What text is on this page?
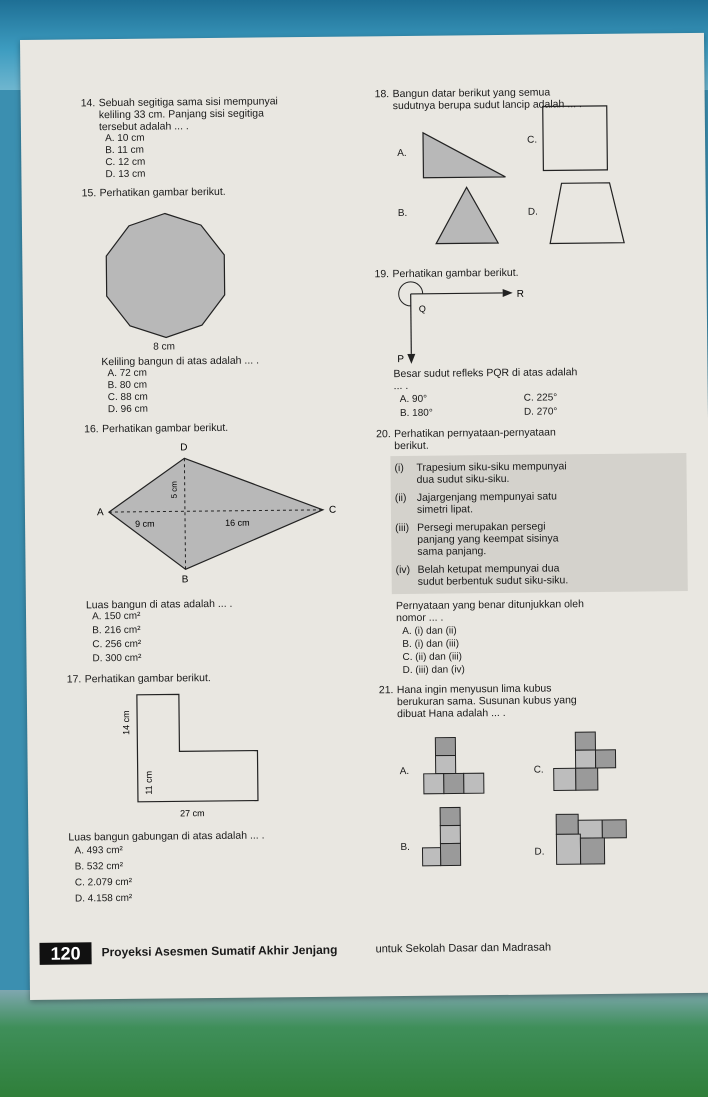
14. Sebuah segitiga sama sisi mempunyai
keliling 33 cm. Panjang sisi segitiga
tersebut adalah ... .
A. 10 cm
B. 11 cm
C. 12 cm
D. 13 cm
15. Perhatikan gambar berikut.
8 cm
Keliling bangun di atas adalah ... .
A. 72 cm
B. 80 cm
C. 88 cm
D. 96 cm
16. Perhatikan gambar berikut.
D
A	C
B
9 cm	16 cm
5 cm
Luas bangun di atas adalah ... .
A. 150 cm²
B. 216 cm²
C. 256 cm²
D. 300 cm²
17. Perhatikan gambar berikut.
14 cm
11 cm
27 cm
Luas bangun gabungan di atas adalah ... .
A. 493 cm²
B. 532 cm²
C. 2.079 cm²
D. 4.158 cm²
18. Bangun datar berikut yang semua
sudutnya berupa sudut lancip adalah ... .
A.
B.
C.
D.
19. Perhatikan gambar berikut.
R
Q
P
Besar sudut refleks PQR di atas adalah
... .
A. 90°
B. 180°
C. 225°
D. 270°
20. Perhatikan pernyataan-pernyataan
berikut.
(i) Trapesium siku-siku mempunyai
dua sudut siku-siku.
(ii) Jajargenjang mempunyai satu
simetri lipat.
(iii) Persegi merupakan persegi
panjang yang keempat sisinya
sama panjang.
(iv) Belah ketupat mempunyai dua
sudut berbentuk sudut siku-siku.
Pernyataan yang benar ditunjukkan oleh
nomor ... .
A. (i) dan (ii)
B. (i) dan (iii)
C. (ii) dan (iii)
D. (iii) dan (iv)
21. Hana ingin menyusun lima kubus
berukuran sama. Susunan kubus yang
dibuat Hana adalah ... .
A.	C.
B.	D.
120	Proyeksi Asesmen Sumatif Akhir Jenjang	untuk Sekolah Dasar dan Madrasah
